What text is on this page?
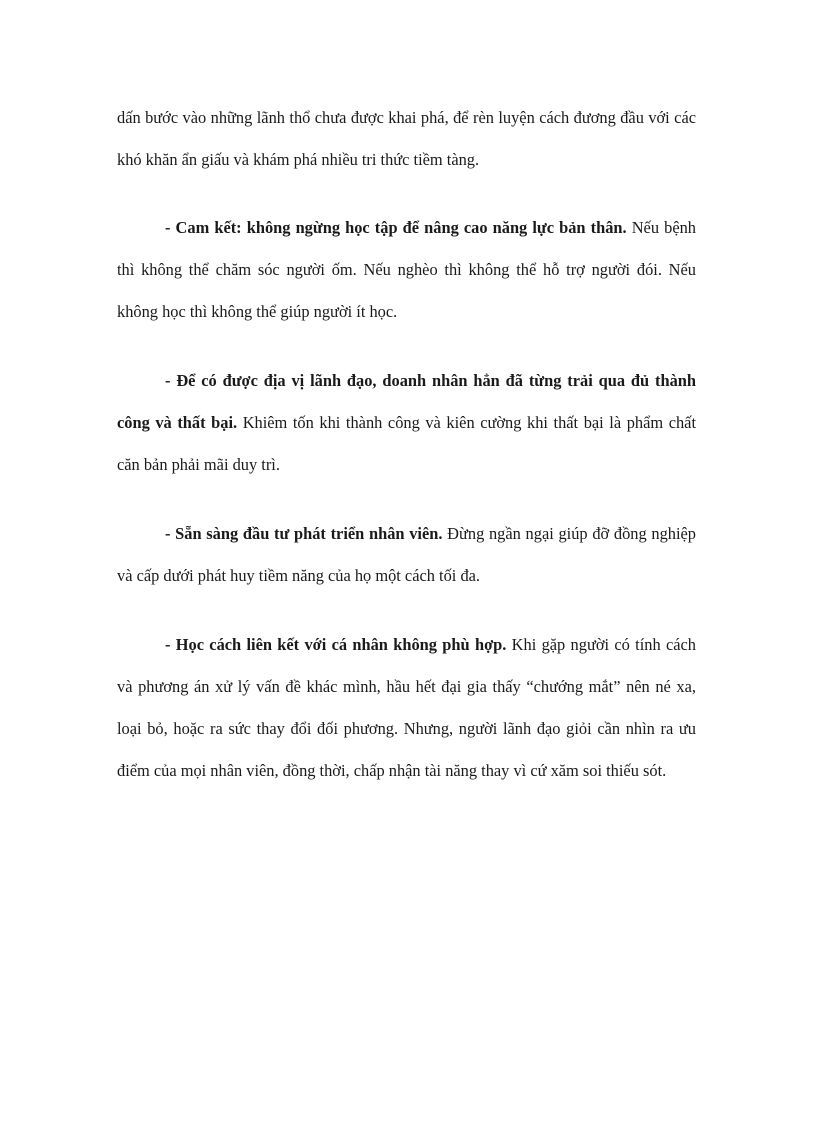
dấn bước vào những lãnh thổ chưa được khai phá, để rèn luyện cách đương đầu với các khó khăn ẩn giấu và khám phá nhiều tri thức tiềm tàng.

- Cam kết: không ngừng học tập để nâng cao năng lực bản thân. Nếu bệnh thì không thể chăm sóc người ốm. Nếu nghèo thì không thể hỗ trợ người đói. Nếu không học thì không thể giúp người ít học.

- Để có được địa vị lãnh đạo, doanh nhân hẳn đã từng trải qua đủ thành công và thất bại. Khiêm tốn khi thành công và kiên cường khi thất bại là phẩm chất căn bản phải mãi duy trì.

- Sẵn sàng đầu tư phát triển nhân viên. Đừng ngần ngại giúp đỡ đồng nghiệp và cấp dưới phát huy tiềm năng của họ một cách tối đa.

- Học cách liên kết với cá nhân không phù hợp. Khi gặp người có tính cách và phương án xử lý vấn đề khác mình, hầu hết đại gia thấy “chướng mắt” nên né xa, loại bỏ, hoặc ra sức thay đổi đối phương. Nhưng, người lãnh đạo giỏi cần nhìn ra ưu điểm của mọi nhân viên, đồng thời, chấp nhận tài năng thay vì cứ xăm soi thiếu sót.
